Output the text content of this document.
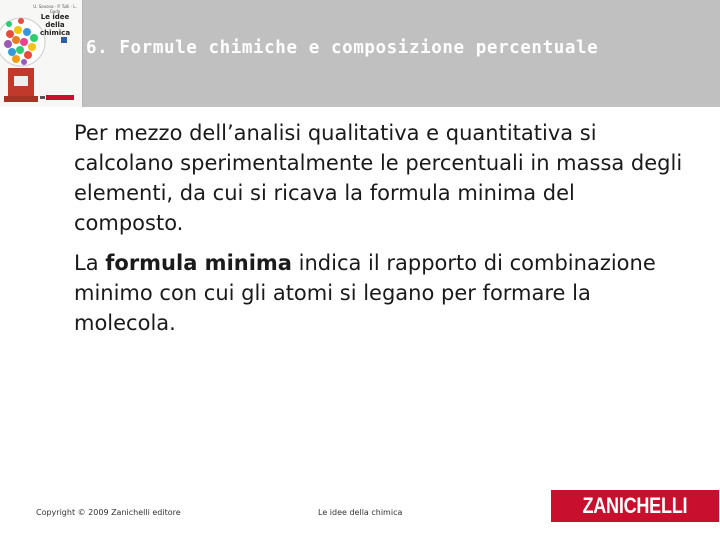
U. Savona · P. Tulli · L. Gado
Le idee della chimica
6. Formule chimiche e composizione percentuale
Per mezzo dell’analisi qualitativa e quantitativa si calcolano sperimentalmente le percentuali in massa degli elementi, da cui si ricava la formula minima del composto.
La formula minima indica il rapporto di combinazione minimo con cui gli atomi si legano per formare la molecola.
Copyright © 2009 Zanichelli editore	Le idee della chimica	ZANICHELLI
